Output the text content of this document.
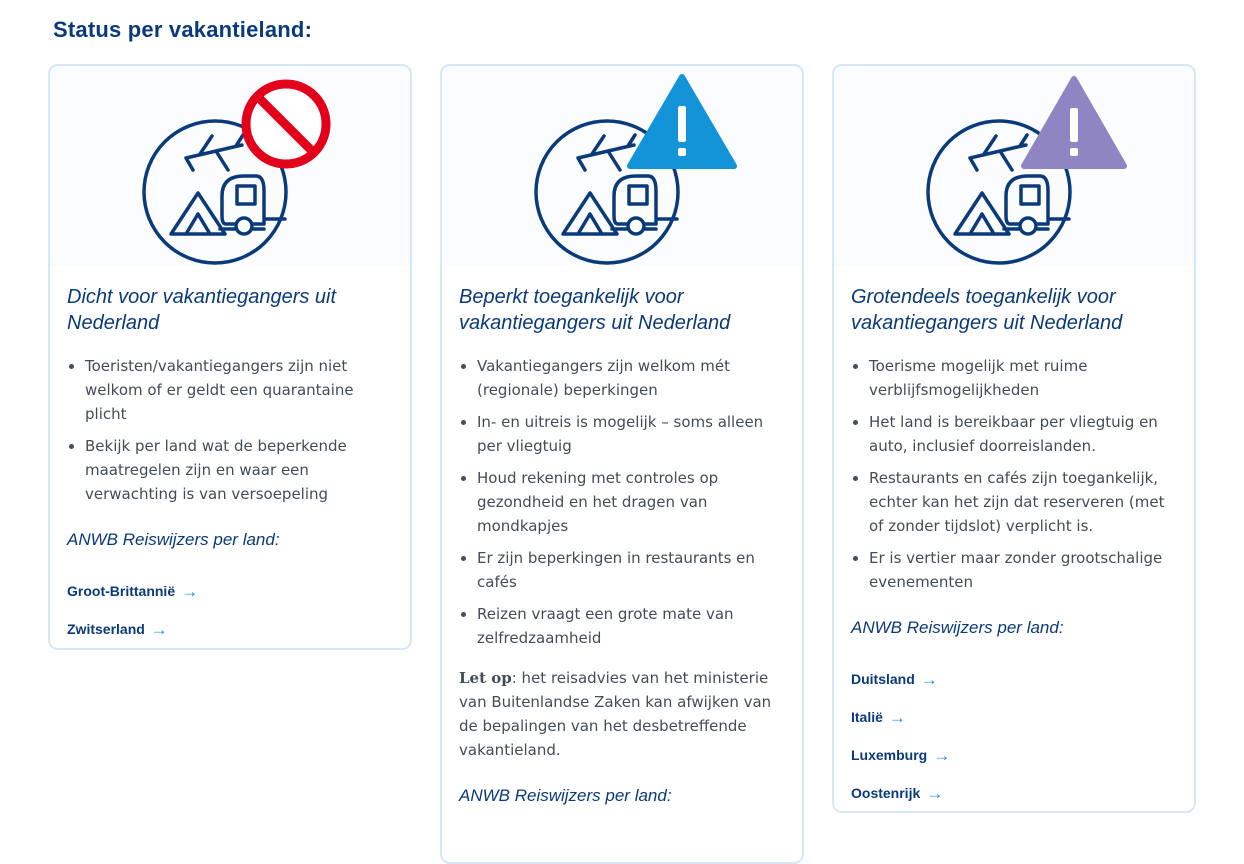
Status per vakantieland:
Dicht voor vakantiegangers uit Nederland
Toeristen/vakantiegangers zijn niet welkom of er geldt een quarantaine plicht
Bekijk per land wat de beperkende maatregelen zijn en waar een verwachting is van versoepeling

ANWB Reiswijzers per land:

Groot-Brittannië →
Zwitserland →
Beperkt toegankelijk voor vakantiegangers uit Nederland
Vakantiegangers zijn welkom mét (regionale) beperkingen
In- en uitreis is mogelijk – soms alleen per vliegtuig
Houd rekening met controles op gezondheid en het dragen van mondkapjes
Er zijn beperkingen in restaurants en cafés
Reizen vraagt een grote mate van zelfredzaamheid

Let op: het reisadvies van het ministerie van Buitenlandse Zaken kan afwijken van de bepalingen van het desbetreffende vakantieland.

ANWB Reiswijzers per land:

Grotendeels toegankelijk voor vakantiegangers uit Nederland
Toerisme mogelijk met ruime verblijfsmogelijkheden
Het land is bereikbaar per vliegtuig en auto, inclusief doorreislanden.
Restaurants en cafés zijn toegankelijk, echter kan het zijn dat reserveren (met of zonder tijdslot) verplicht is.
Er is vertier maar zonder grootschalige evenementen

ANWB Reiswijzers per land:

Duitsland →
Italië →
Luxemburg →
Oostenrijk →
